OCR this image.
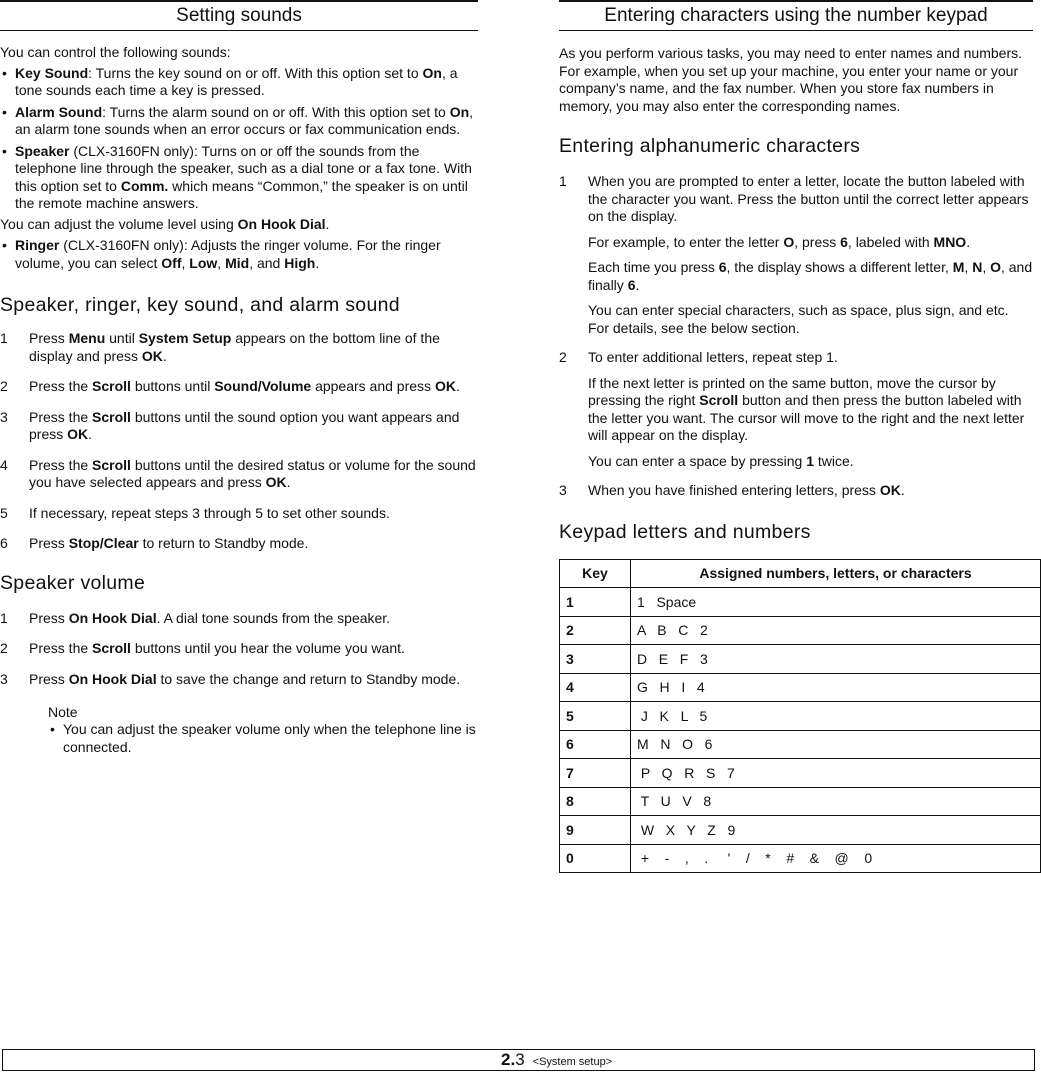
Setting sounds

You can control the following sounds:

• Key Sound: Turns the key sound on or off. With this option set to On, a tone sounds each time a key is pressed.
• Alarm Sound: Turns the alarm sound on or off. With this option set to On, an alarm tone sounds when an error occurs or fax communication ends.
• Speaker (CLX-3160FN only): Turns on or off the sounds from the telephone line through the speaker, such as a dial tone or a fax tone. With this option set to Comm. which means “Common,” the speaker is on until the remote machine answers.

You can adjust the volume level using On Hook Dial.

• Ringer (CLX-3160FN only): Adjusts the ringer volume. For the ringer volume, you can select Off, Low, Mid, and High.
Speaker, ringer, key sound, and alarm sound
1 Press Menu until System Setup appears on the bottom line of the display and press OK.
2 Press the Scroll buttons until Sound/Volume appears and press OK.
3 Press the Scroll buttons until the sound option you want appears and press OK.
4 Press the Scroll buttons until the desired status or volume for the sound you have selected appears and press OK.
5 If necessary, repeat steps 3 through 5 to set other sounds.
6 Press Stop/Clear to return to Standby mode.
Speaker volume
1 Press On Hook Dial. A dial tone sounds from the speaker.
2 Press the Scroll buttons until you hear the volume you want.
3 Press On Hook Dial to save the change and return to Standby mode.
Note
• You can adjust the speaker volume only when the telephone line is connected.
Entering characters using the number keypad

As you perform various tasks, you may need to enter names and numbers. For example, when you set up your machine, you enter your name or your company’s name, and the fax number. When you store fax numbers in memory, you may also enter the corresponding names.

Entering alphanumeric characters
1 When you are prompted to enter a letter, locate the button labeled with the character you want. Press the button until the correct letter appears on the display.

For example, to enter the letter O, press 6, labeled with MNO.

Each time you press 6, the display shows a different letter, M, N, O, and finally 6.

You can enter special characters, such as space, plus sign, and etc. For details, see the below section.

2 To enter additional letters, repeat step 1.

If the next letter is printed on the same button, move the cursor by pressing the right Scroll button and then press the button labeled with the letter you want. The cursor will move to the right and the next letter will appear on the display.

You can enter a space by pressing 1 twice.

3 When you have finished entering letters, press OK.
Keypad letters and numbers
Key	Assigned numbers, letters, or characters
1	1   Space
2	A   B   C   2
3	D   E   F   3
4	G   H   I   4
5	J   K   L   5
6	M   N   O   6
7	P   Q   R   S   7
8	T   U   V   8
9	W   X   Y   Z   9
0	+    -    ,    .     '    /    *    #    &    @    0
2.3 <System setup>
